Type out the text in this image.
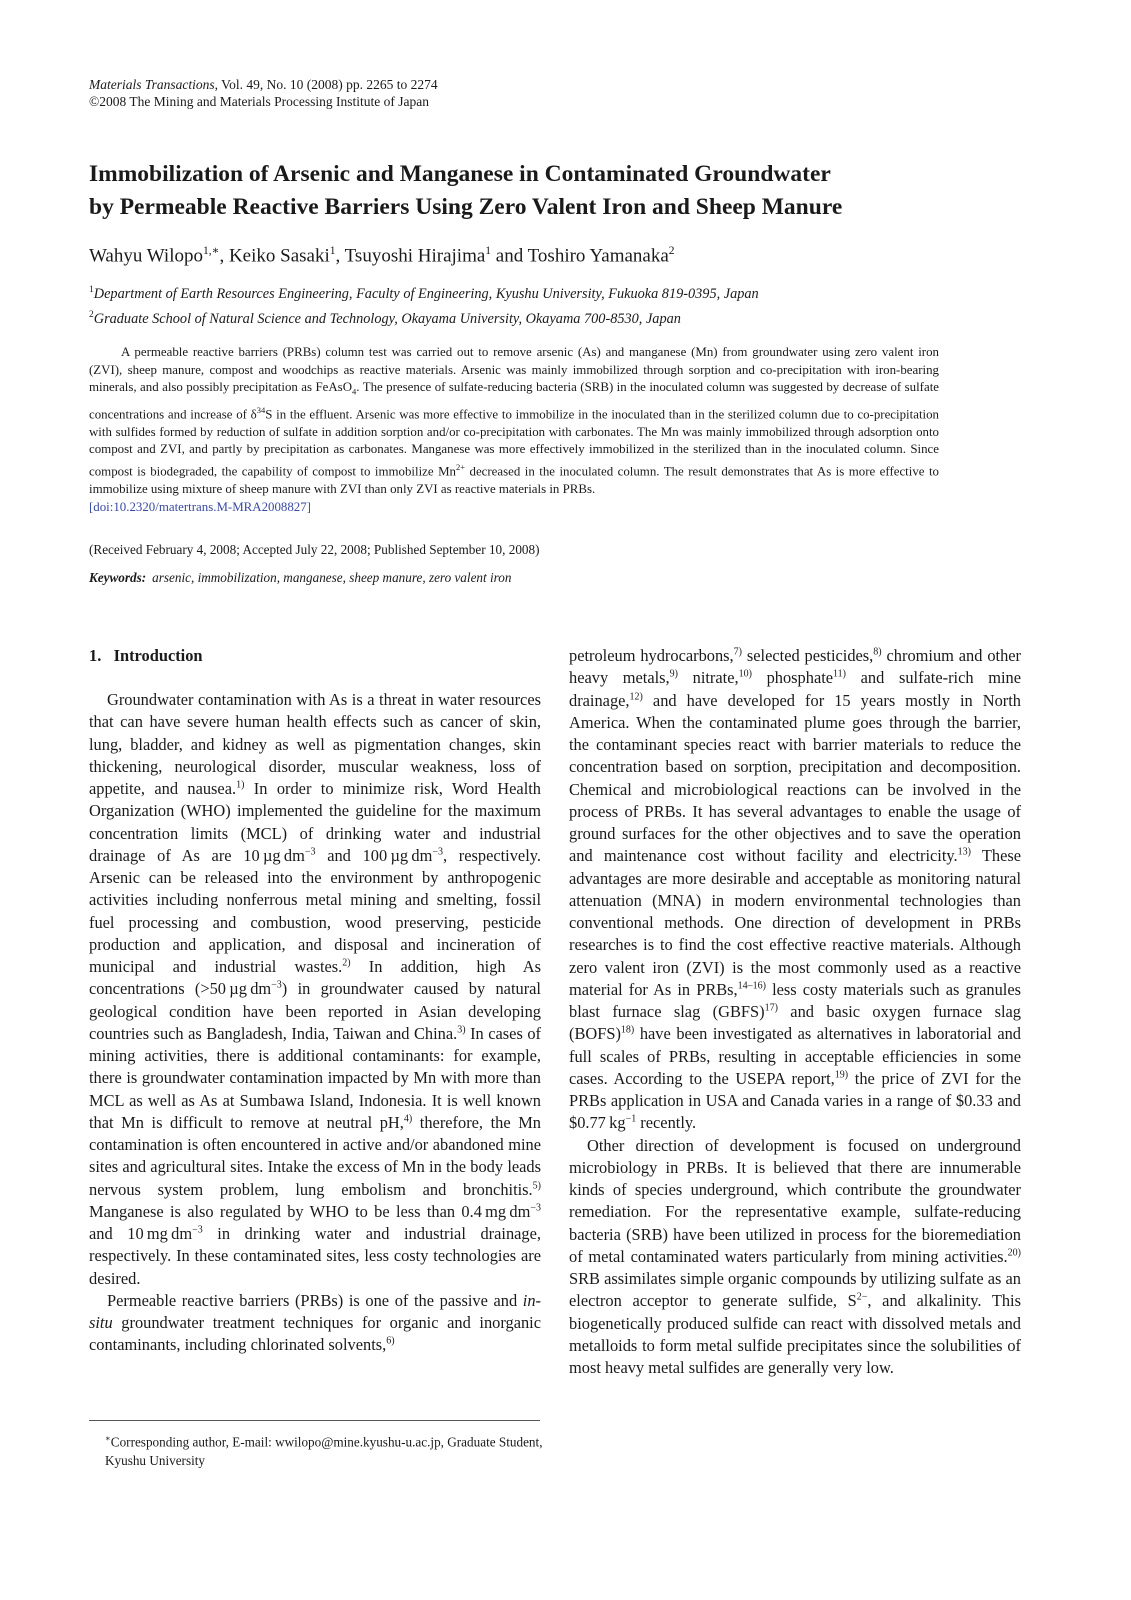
Materials Transactions, Vol. 49, No. 10 (2008) pp. 2265 to 2274
©2008 The Mining and Materials Processing Institute of Japan
Immobilization of Arsenic and Manganese in Contaminated Groundwater
by Permeable Reactive Barriers Using Zero Valent Iron and Sheep Manure
Wahyu Wilopo$^{1,∗}$, Keiko Sasaki$^1$, Tsuyoshi Hirajima$^1$ and Toshiro Yamanaka$^2$
$^1$Department of Earth Resources Engineering, Faculty of Engineering, Kyushu University, Fukuoka 819-0395, Japan
$^2$Graduate School of Natural Science and Technology, Okayama University, Okayama 700-8530, Japan

A permeable reactive barriers (PRBs) column test was carried out to remove arsenic (As) and manganese (Mn) from groundwater using zero valent iron (ZVI), sheep manure, compost and woodchips as reactive materials. Arsenic was mainly immobilized through sorption and co-precipitation with iron-bearing minerals, and also possibly precipitation as FeAsO$_4$. The presence of sulfate-reducing bacteria (SRB) in the inoculated column was suggested by decrease of sulfate concentrations and increase of $\delta^{34}S$ in the effluent. Arsenic was more effective to immobilize in the inoculated than in the sterilized column due to co-precipitation with sulfides formed by reduction of sulfate in addition sorption and/or co-precipitation with carbonates. The Mn was mainly immobilized through adsorption onto compost and ZVI, and partly by precipitation as carbonates. Manganese was more effectively immobilized in the sterilized than in the inoculated column. Since compost is biodegraded, the capability of compost to immobilize $Mn^{2+}$ decreased in the inoculated column. The result demonstrates that As is more effective to immobilize using mixture of sheep manure with ZVI than only ZVI as reactive materials in PRBs.

[doi:10.2320/matertrans.M-MRA2008827]
(Received February 4, 2008; Accepted July 22, 2008; Published September 10, 2008)
Keywords: arsenic, immobilization, manganese, sheep manure, zero valent iron
1. Introduction

Groundwater contamination with As is a threat in water resources that can have severe human health effects such as cancer of skin, lung, bladder, and kidney as well as pigmentation changes, skin thickening, neurological disorder, muscular weakness, loss of appetite, and nausea.$^{1)}$ In order to minimize risk, Word Health Organization (WHO) implemented the guideline for the maximum concentration limits (MCL) of drinking water and industrial drainage of As are 10 µg $dm^{-3}$ and 100 µg $dm^{-3}$, respectively. Arsenic can be released into the environment by anthropogenic activities including nonferrous metal mining and smelting, fossil fuel processing and combustion, wood preserving, pesticide production and application, and disposal and incineration of municipal and industrial wastes.$^{2)}$ In addition, high As concentrations (>50 µg $dm^{-3}$) in groundwater caused by natural geological condition have been reported in Asian developing countries such as Bangladesh, India, Taiwan and China.$^{3)}$ In cases of mining activities, there is additional contaminants: for example, there is groundwater contamination impacted by Mn with more than MCL as well as As at Sumbawa Island, Indonesia. It is well known that Mn is difficult to remove at neutral pH,$^{4)}$ therefore, the Mn contamination is often encountered in active and/or abandoned mine sites and agricultural sites. Intake the excess of Mn in the body leads nervous system problem, lung embolism and bronchitis.$^{5)}$ Manganese is also regulated by WHO to be less than 0.4 mg $dm^{-3}$ and 10 mg $dm^{-3}$ in drinking water and industrial drainage, respectively. In these contaminated sites, less costy technologies are desired.

Permeable reactive barriers (PRBs) is one of the passive and in-situ groundwater treatment techniques for organic and inorganic contaminants, including chlorinated solvents,$^{6)}$

petroleum hydrocarbons,$^{7)}$ selected pesticides,$^{8)}$ chromium and other heavy metals,$^{9)}$ nitrate,$^{10)}$ phosphate$^{11)}$ and sulfate-rich mine drainage,$^{12)}$ and have developed for 15 years mostly in North America. When the contaminated plume goes through the barrier, the contaminant species react with barrier materials to reduce the concentration based on sorption, precipitation and decomposition. Chemical and microbiological reactions can be involved in the process of PRBs. It has several advantages to enable the usage of ground surfaces for the other objectives and to save the operation and maintenance cost without facility and electricity.$^{13)}$ These advantages are more desirable and acceptable as monitoring natural attenuation (MNA) in modern environmental technologies than conventional methods. One direction of development in PRBs researches is to find the cost effective reactive materials. Although zero valent iron (ZVI) is the most commonly used as a reactive material for As in PRBs,$^{14-16)}$ less costy materials such as granules blast furnace slag (GBFS)$^{17)}$ and basic oxygen furnace slag (BOFS)$^{18)}$ have been investigated as alternatives in laboratorial and full scales of PRBs, resulting in acceptable efficiencies in some cases. According to the USEPA report,$^{19)}$ the price of ZVI for the PRBs application in USA and Canada varies in a range of $0.33 and $0.77 $kg^{-1}$ recently.

Other direction of development is focused on underground microbiology in PRBs. It is believed that there are innumerable kinds of species underground, which contribute the groundwater remediation. For the representative example, sulfate-reducing bacteria (SRB) have been utilized in process for the bioremediation of metal contaminated waters particularly from mining activities.$^{20)}$ SRB assimilates simple organic compounds by utilizing sulfate as an electron acceptor to generate sulfide, $S^{2-}$, and alkalinity. This biogenetically produced sulfide can react with dissolved metals and metalloids to form metal sulfide precipitates since the solubilities of most heavy metal sulfides are generally very low.

∗Corresponding author, E-mail: wwilopo@mine.kyushu-u.ac.jp, Graduate Student, Kyushu University
